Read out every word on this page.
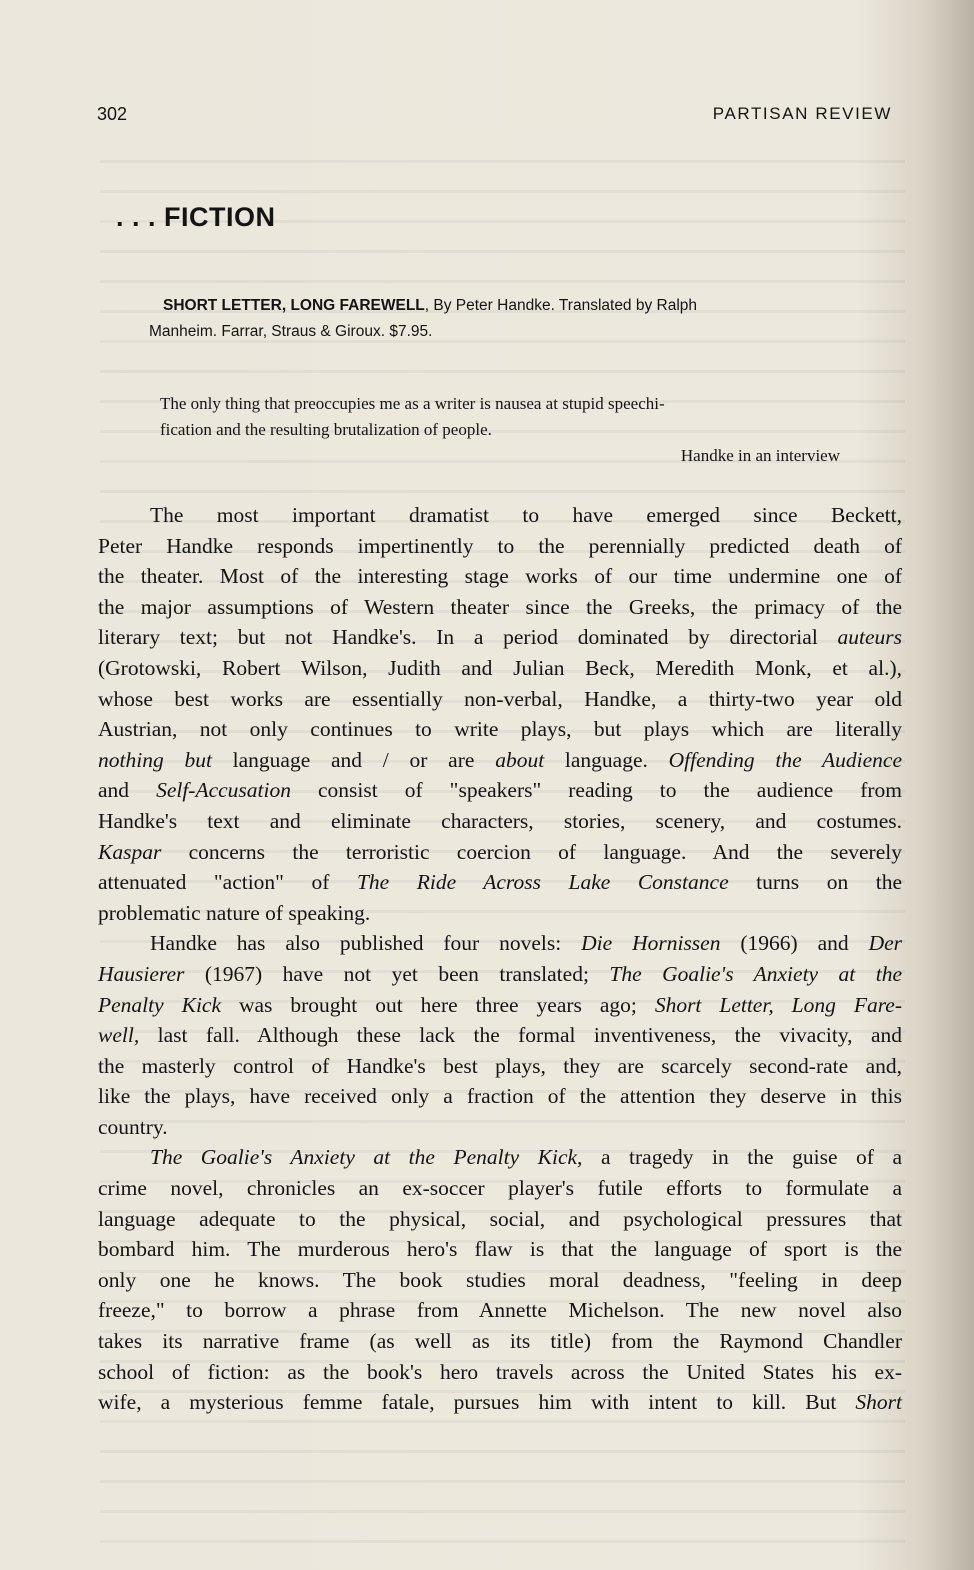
302	PARTISAN REVIEW
. . . FICTION
SHORT LETTER, LONG FAREWELL, By Peter Handke. Translated by Ralph
Manheim. Farrar, Straus & Giroux. $7.95.
The only thing that preoccupies me as a writer is nausea at stupid speechi-
fication and the resulting brutalization of people.
Handke in an interview

The most important dramatist to have emerged since Beckett,
Peter Handke responds impertinently to the perennially predicted death of
the theater. Most of the interesting stage works of our time undermine one of
the major assumptions of Western theater since the Greeks, the primacy of the
literary text; but not Handke's. In a period dominated by directorial auteurs
(Grotowski, Robert Wilson, Judith and Julian Beck, Meredith Monk, et al.),
whose best works are essentially non-verbal, Handke, a thirty-two year old
Austrian, not only continues to write plays, but plays which are literally
nothing but language and / or are about language. Offending the Audience
and Self-Accusation consist of "speakers" reading to the audience from
Handke's text and eliminate characters, stories, scenery, and costumes.
Kaspar concerns the terroristic coercion of language. And the severely
attenuated "action" of The Ride Across Lake Constance turns on the
problematic nature of speaking.

Handke has also published four novels: Die Hornissen (1966) and Der
Hausierer (1967) have not yet been translated; The Goalie's Anxiety at the
Penalty Kick was brought out here three years ago; Short Letter, Long Fare-
well, last fall. Although these lack the formal inventiveness, the vivacity, and
the masterly control of Handke's best plays, they are scarcely second-rate and,
like the plays, have received only a fraction of the attention they deserve in this
country.

The Goalie's Anxiety at the Penalty Kick, a tragedy in the guise of a
crime novel, chronicles an ex-soccer player's futile efforts to formulate a
language adequate to the physical, social, and psychological pressures that
bombard him. The murderous hero's flaw is that the language of sport is the
only one he knows. The book studies moral deadness, "feeling in deep
freeze," to borrow a phrase from Annette Michelson. The new novel also
takes its narrative frame (as well as its title) from the Raymond Chandler
school of fiction: as the book's hero travels across the United States his ex-
wife, a mysterious femme fatale, pursues him with intent to kill. But Short
